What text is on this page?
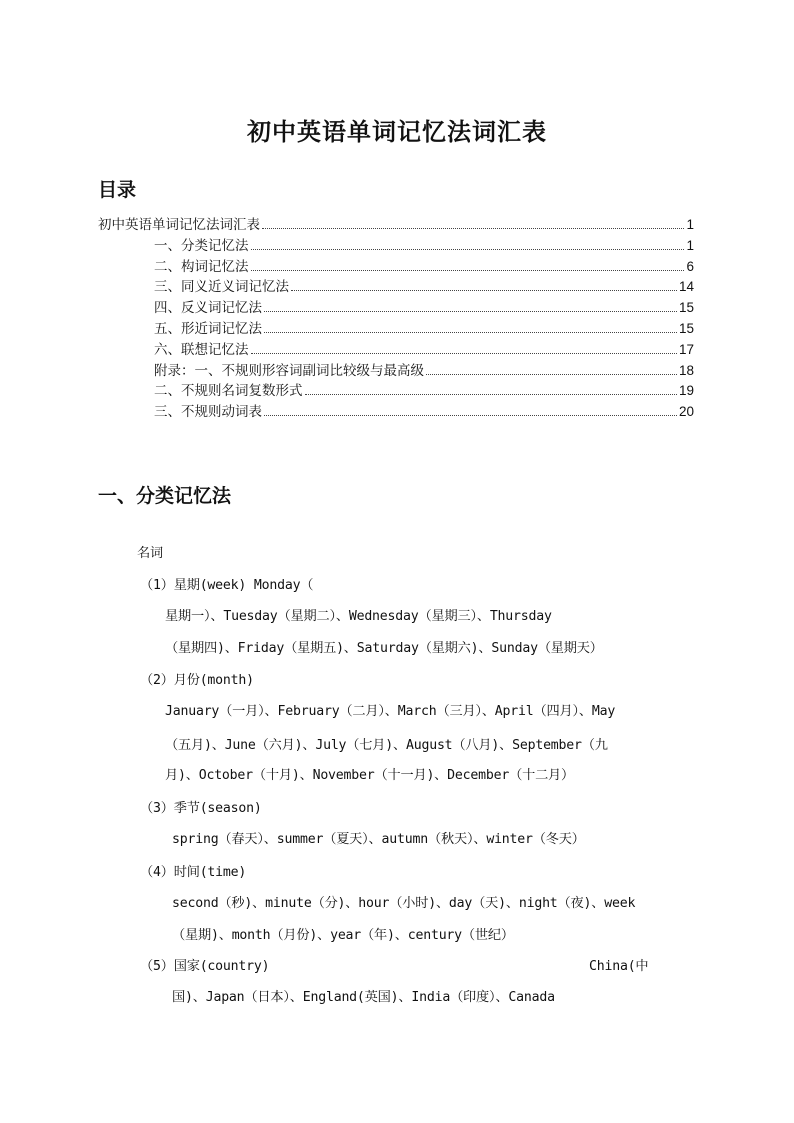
初中英语单词记忆法词汇表
目录
初中英语单词记忆法词汇表	1
一、分类记忆法	1
二、构词记忆法	6
三、同义近义词记忆法	14
四、反义词记忆法	15
五、形近词记忆法	15
六、联想记忆法	17
附录：一、不规则形容词副词比较级与最高级	18
二、不规则名词复数形式	19
三、不规则动词表	20
一、分类记忆法
名词
（1）星期(week) Monday（
星期一）、Tuesday（星期二）、Wednesday（星期三）、Thursday
（星期四)、Friday（星期五)、Saturday（星期六)、Sunday（星期天）
（2）月份(month)
January（一月）、February（二月）、March（三月）、April（四月）、May
（五月)、June（六月)、July（七月)、August（八月)、September（九
月)、October（十月)、November（十一月)、December（十二月）
（3）季节(season)
spring（春天）、summer（夏天）、autumn（秋天）、winter（冬天）
（4）时间(time)
second（秒)、minute（分)、hour（小时)、day（天)、night（夜)、week
（星期)、month（月份)、year（年)、century（世纪）
（5）国家(country)	China(中
国)、Japan（日本）、England(英国)、India（印度）、Canada
